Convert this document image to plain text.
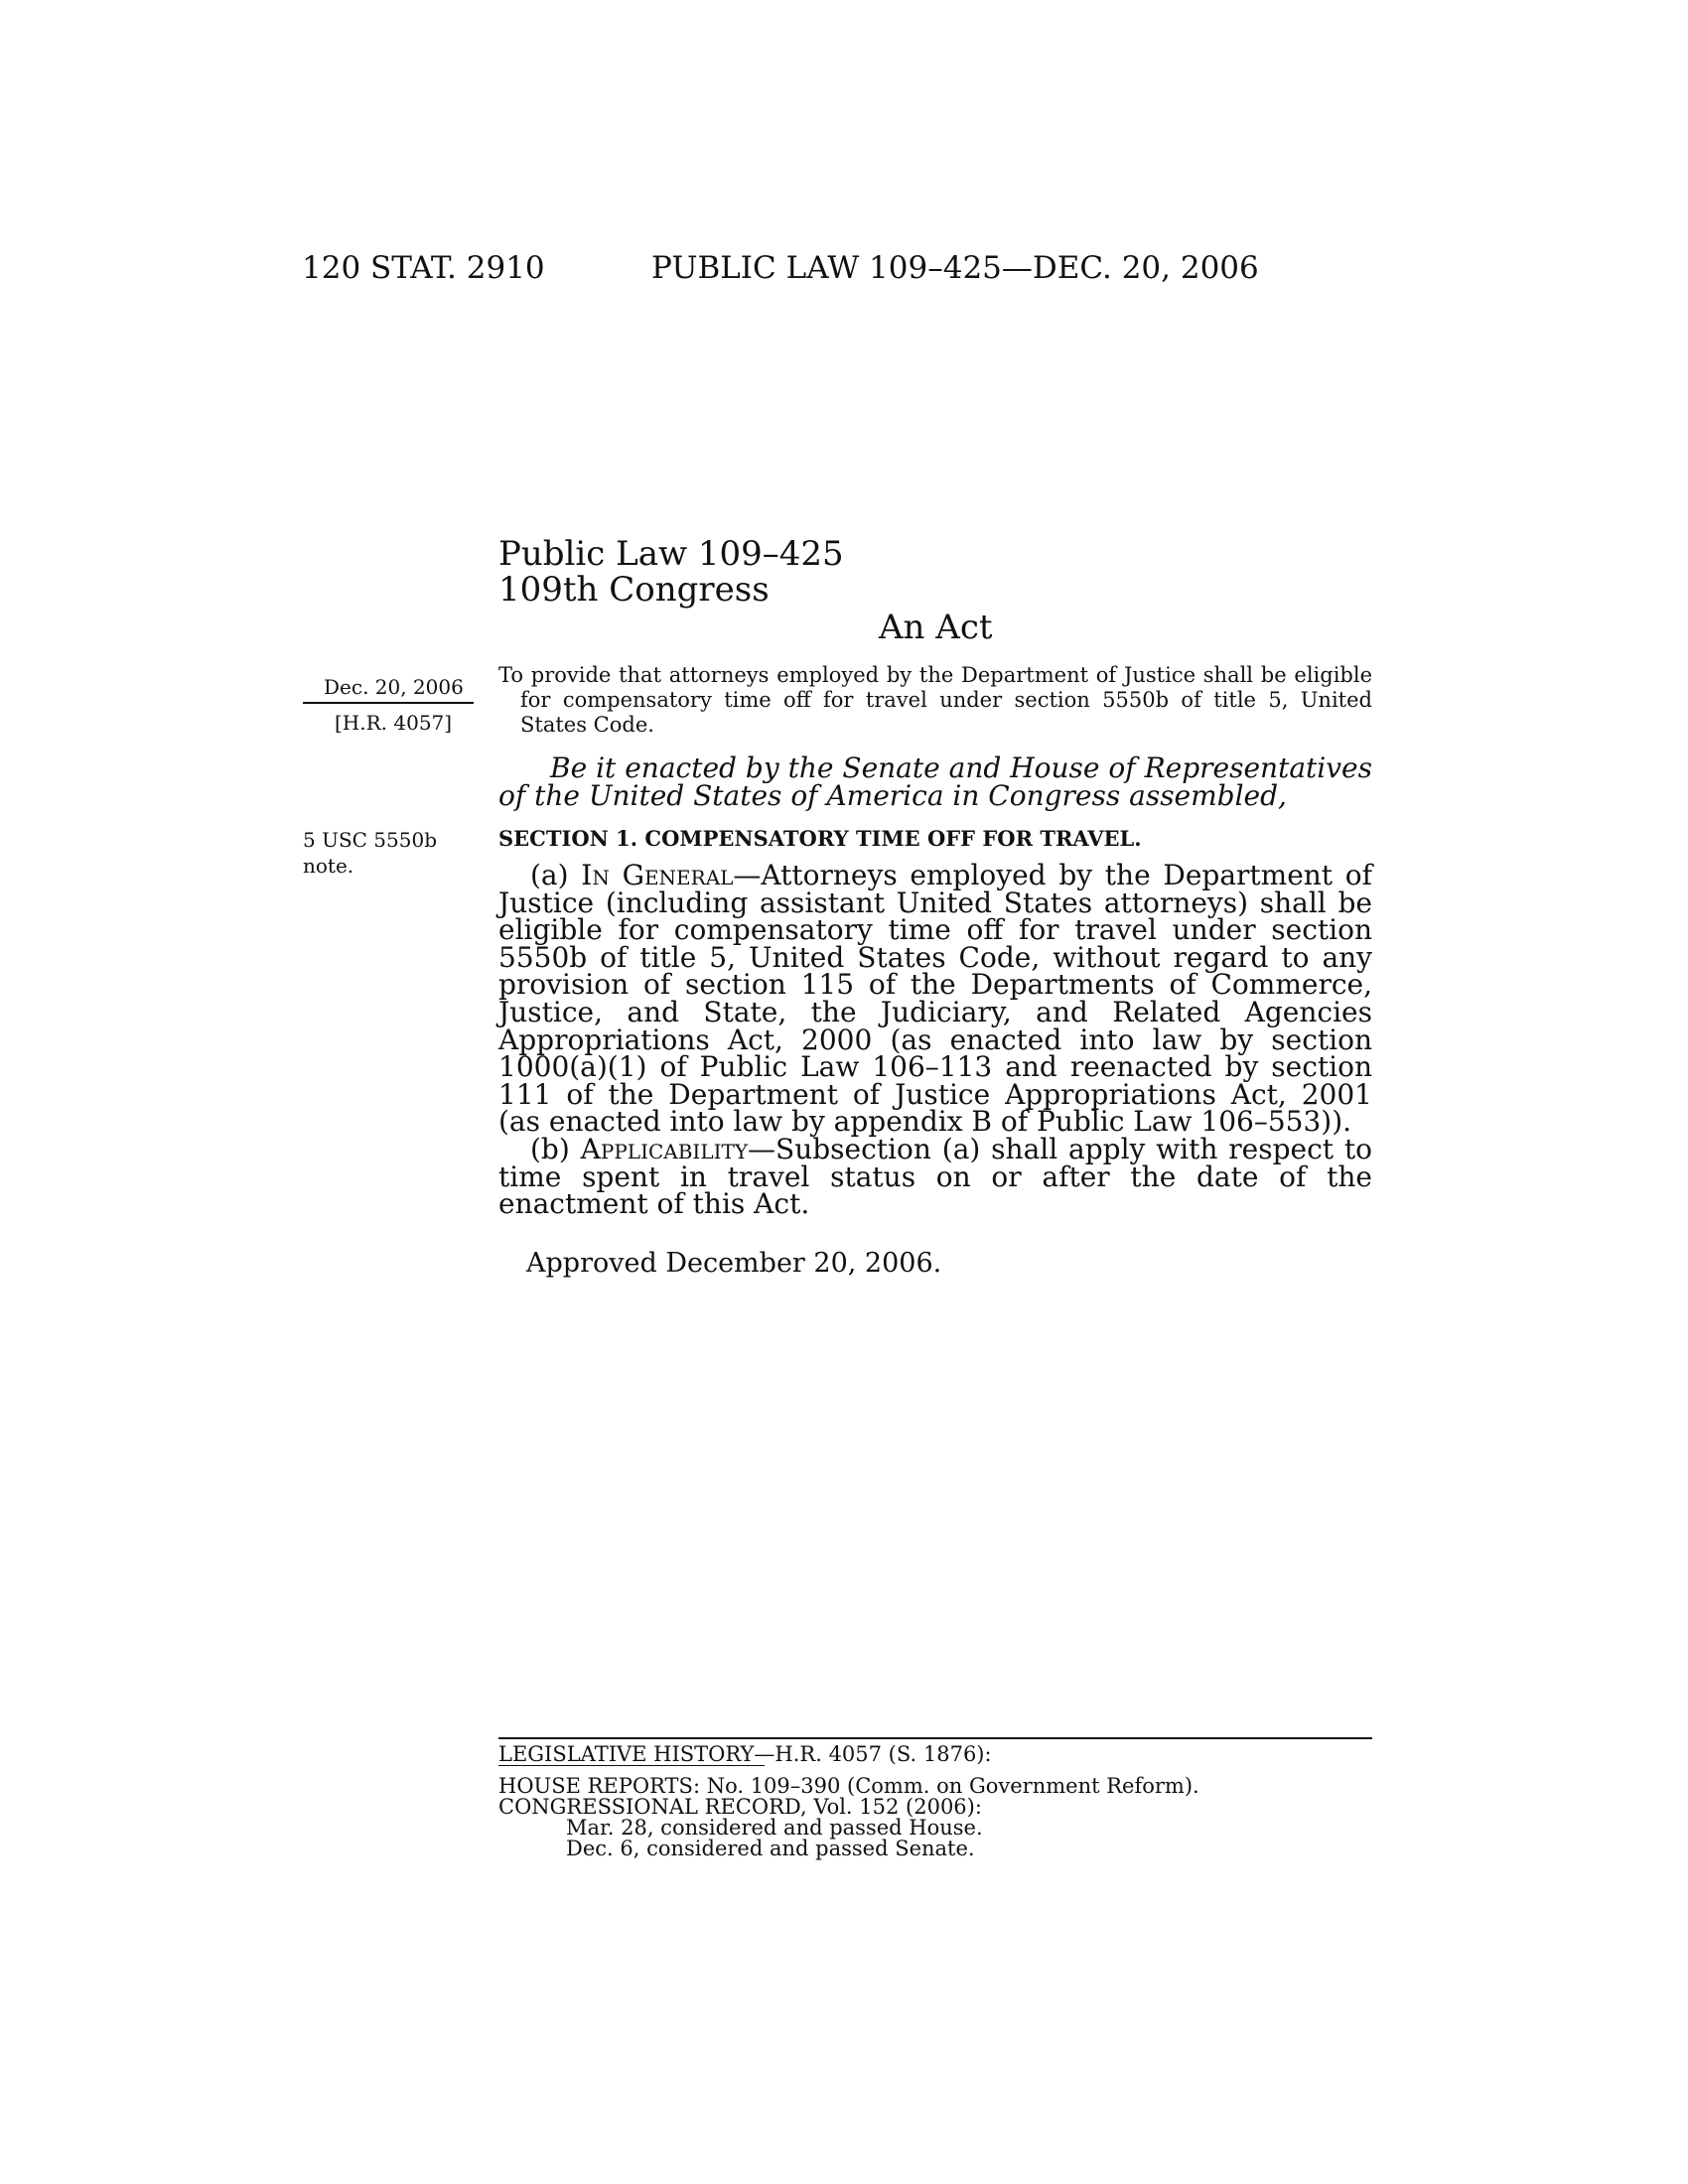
120 STAT. 2910	PUBLIC LAW 109–425—DEC. 20, 2006
Public Law 109–425
109th Congress
An Act
Dec. 20, 2006
[H.R. 4057]
5 USC 5550b
note.
To provide that attorneys employed by the Department of Justice shall be eligible for compensatory time off for travel under section 5550b of title 5, United States Code.
Be it enacted by the Senate and House of Representatives of the United States of America in Congress assembled,
SECTION 1. COMPENSATORY TIME OFF FOR TRAVEL.
(a) In General—Attorneys employed by the Department of Justice (including assistant United States attorneys) shall be eligible for compensatory time off for travel under section 5550b of title 5, United States Code, without regard to any provision of section 115 of the Departments of Commerce, Justice, and State, the Judiciary, and Related Agencies Appropriations Act, 2000 (as enacted into law by section 1000(a)(1) of Public Law 106–113 and reenacted by section 111 of the Department of Justice Appropriations Act, 2001 (as enacted into law by appendix B of Public Law 106–553)).
(b) Applicability—Subsection (a) shall apply with respect to time spent in travel status on or after the date of the enactment of this Act.
Approved December 20, 2006.
LEGISLATIVE HISTORY—H.R. 4057 (S. 1876):
HOUSE REPORTS: No. 109–390 (Comm. on Government Reform).
CONGRESSIONAL RECORD, Vol. 152 (2006):
Mar. 28, considered and passed House.
Dec. 6, considered and passed Senate.
